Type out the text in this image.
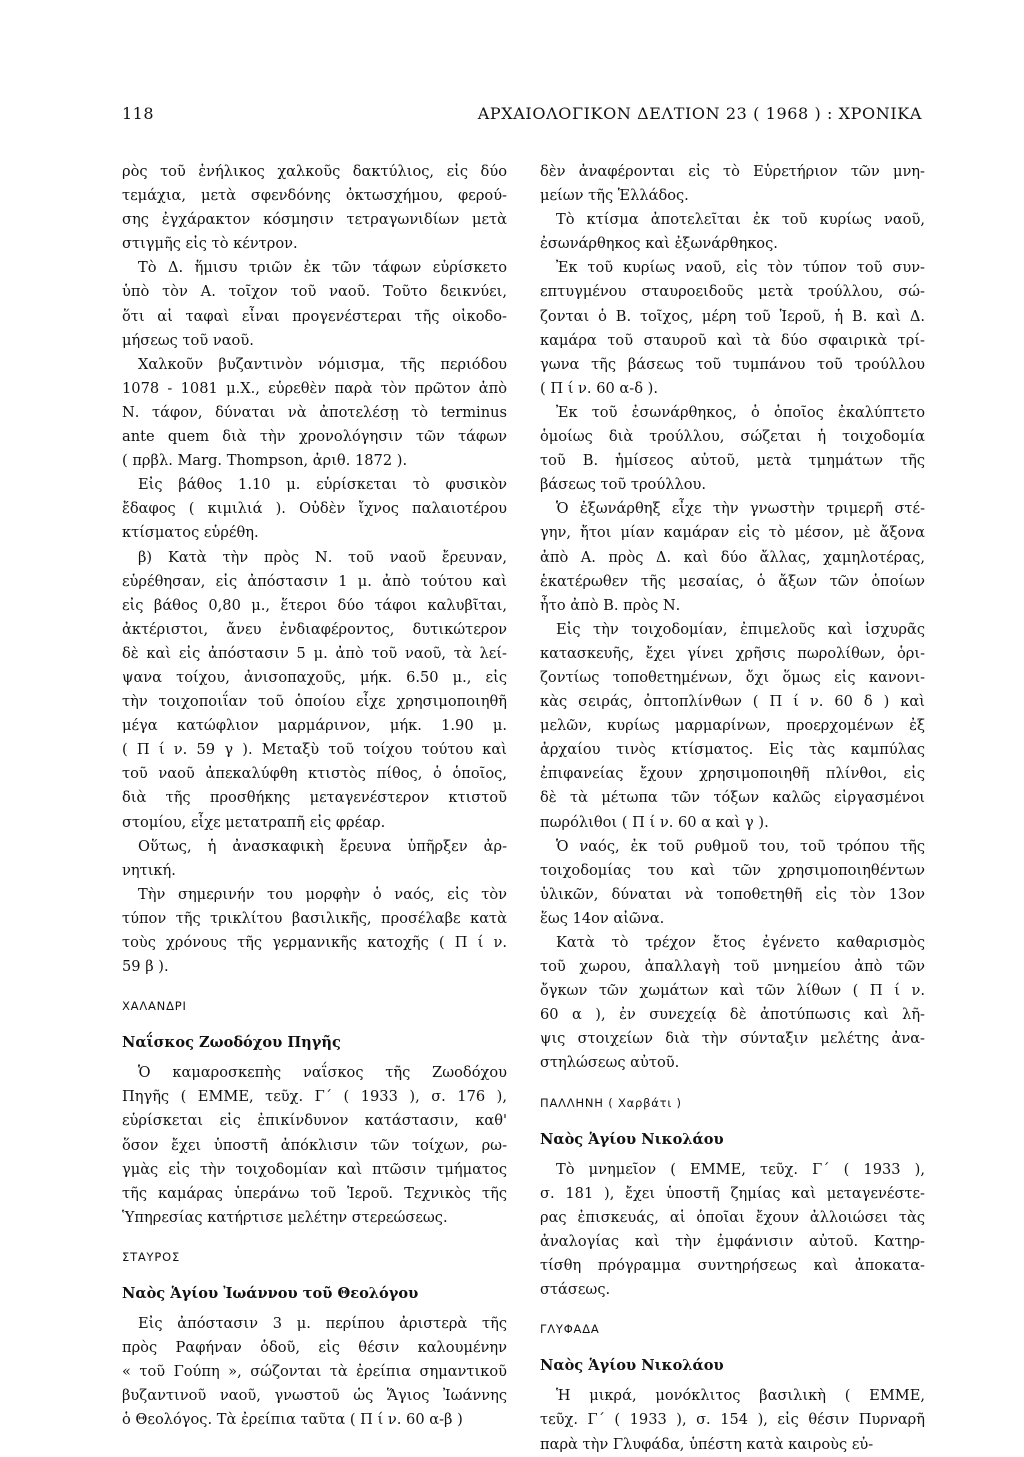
118	ΑΡΧΑΙΟΛΟΓΙΚΟΝ ΔΕΛΤΙΟΝ 23 ( 1968 ) : ΧΡΟΝΙΚΑ
ρὸς τοῦ ἐνήλικος χαλκοῦς δακτύλιος, εἰς δύο
τεμάχια, μετὰ σφενδόνης ὀκτωσχήμου, φερού-
σης ἐγχάρακτον κόσμησιν τετραγωνιδίων μετὰ
στιγμῆς εἰς τὸ κέντρον.
Τὸ Δ. ἥμισυ τριῶν ἐκ τῶν τάφων εὑρίσκετο
ὑπὸ τὸν Α. τοῖχον τοῦ ναοῦ. Τοῦτο δεικνύει,
ὅτι αἱ ταφαὶ εἶναι προγενέστεραι τῆς οἰκοδο-
μήσεως τοῦ ναοῦ.
Χαλκοῦν βυζαντινὸν νόμισμα, τῆς περιόδου
1078 - 1081 μ.Χ., εὑρεθὲν παρὰ τὸν πρῶτον ἀπὸ
Ν. τάφον, δύναται νὰ ἀποτελέσῃ τὸ terminus
ante quem διὰ τὴν χρονολόγησιν τῶν τάφων
( πρβλ. Marg. Thompson, ἀριθ. 1872 ).
Εἰς βάθος 1.10 μ. εὑρίσκεται τὸ φυσικὸν
ἔδαφος ( κιμιλιά ). Οὐδὲν ἴχνος παλαιοτέρου
κτίσματος εὑρέθη.
β) Κατὰ τὴν πρὸς Ν. τοῦ ναοῦ ἔρευναν,
εὑρέθησαν, εἰς ἀπόστασιν 1 μ. ἀπὸ τούτου καὶ
εἰς βάθος 0,80 μ., ἕτεροι δύο τάφοι καλυβῖται,
ἀκτέριστοι, ἄνευ ἐνδιαφέροντος, δυτικώτερον
δὲ καὶ εἰς ἀπόστασιν 5 μ. ἀπὸ τοῦ ναοῦ, τὰ λεί-
ψανα τοίχου, ἀνισοπαχοῦς, μήκ. 6.50 μ., εἰς
τὴν τοιχοποιΐαν τοῦ ὁποίου εἶχε χρησιμοποιηθῆ
μέγα κατώφλιον μαρμάρινον, μήκ. 1.90 μ.
( Π ί ν. 59 γ ). Μεταξὺ τοῦ τοίχου τούτου καὶ
τοῦ ναοῦ ἀπεκαλύφθη κτιστὸς πίθος, ὁ ὁποῖος,
διὰ τῆς προσθήκης μεταγενέστερον κτιστοῦ
στομίου, εἶχε μετατραπῆ εἰς φρέαρ.
Οὕτως, ἡ ἀνασκαφικὴ ἔρευνα ὑπῆρξεν ἀρ-
νητική.
Τὴν σημερινήν του μορφὴν ὁ ναός, εἰς τὸν
τύπον τῆς τρικλίτου βασιλικῆς, προσέλαβε κατὰ
τοὺς χρόνους τῆς γερμανικῆς κατοχῆς ( Π ί ν.
59 β ).
ΧΑΛΑΝΔΡΙ
Ναΐσκος Ζωοδόχου Πηγῆς
Ὁ καμαροσκεπὴς ναΐσκος τῆς Ζωοδόχου
Πηγῆς ( ΕΜΜΕ, τεῦχ. Γ΄ ( 1933 ), σ. 176 ),
εὑρίσκεται εἰς ἐπικίνδυνον κατάστασιν, καθ'
ὅσον ἔχει ὑποστῆ ἀπόκλισιν τῶν τοίχων, ρω-
γμὰς εἰς τὴν τοιχοδομίαν καὶ πτῶσιν τμήματος
τῆς καμάρας ὑπεράνω τοῦ Ἱεροῦ. Τεχνικὸς τῆς
Ὑπηρεσίας κατήρτισε μελέτην στερεώσεως.
ΣΤΑΥΡΟΣ
Ναὸς Ἁγίου Ἰωάννου τοῦ Θεολόγου
Εἰς ἀπόστασιν 3 μ. περίπου ἀριστερὰ τῆς
πρὸς Ραφήναν ὁδοῦ, εἰς θέσιν καλουμένην
« τοῦ Γούπη », σώζονται τὰ ἐρείπια σημαντικοῦ
βυζαντινοῦ ναοῦ, γνωστοῦ ὡς Ἅγιος Ἰωάννης
ὁ Θεολόγος. Τὰ ἐρείπια ταῦτα ( Π ί ν. 60 α-β )
δὲν ἀναφέρονται εἰς τὸ Εὑρετήριον τῶν μνη-
μείων τῆς Ἑλλάδος.
Τὸ κτίσμα ἀποτελεῖται ἐκ τοῦ κυρίως ναοῦ,
ἐσωνάρθηκος καὶ ἐξωνάρθηκος.
Ἐκ τοῦ κυρίως ναοῦ, εἰς τὸν τύπον τοῦ συν-
επτυγμένου σταυροειδοῦς μετὰ τρούλλου, σώ-
ζονται ὁ Β. τοῖχος, μέρη τοῦ Ἱεροῦ, ἡ Β. καὶ Δ.
καμάρα τοῦ σταυροῦ καὶ τὰ δύο σφαιρικὰ τρί-
γωνα τῆς βάσεως τοῦ τυμπάνου τοῦ τρούλλου
( Π ί ν. 60 α-δ ).
Ἐκ τοῦ ἐσωνάρθηκος, ὁ ὁποῖος ἐκαλύπτετο
ὁμοίως διὰ τρούλλου, σώζεται ἡ τοιχοδομία
τοῦ Β. ἡμίσεος αὐτοῦ, μετὰ τμημάτων τῆς
βάσεως τοῦ τρούλλου.
Ὁ ἐξωνάρθηξ εἶχε τὴν γνωστὴν τριμερῆ στέ-
γην, ἤτοι μίαν καμάραν εἰς τὸ μέσον, μὲ ἄξονα
ἀπὸ Α. πρὸς Δ. καὶ δύο ἄλλας, χαμηλοτέρας,
ἑκατέρωθεν τῆς μεσαίας, ὁ ἄξων τῶν ὁποίων
ἦτο ἀπὸ Β. πρὸς Ν.
Εἰς τὴν τοιχοδομίαν, ἐπιμελοῦς καὶ ἰσχυρᾶς
κατασκευῆς, ἔχει γίνει χρῆσις πωρολίθων, ὁρι-
ζοντίως τοποθετημένων, ὄχι ὅμως εἰς κανονι-
κὰς σειράς, ὀπτοπλίνθων ( Π ί ν. 60 δ ) καὶ
μελῶν, κυρίως μαρμαρίνων, προερχομένων ἐξ
ἀρχαίου τινὸς κτίσματος. Εἰς τὰς καμπύλας
ἐπιφανείας ἔχουν χρησιμοποιηθῆ πλίνθοι, εἰς
δὲ τὰ μέτωπα τῶν τόξων καλῶς εἰργασμένοι
πωρόλιθοι ( Π ί ν. 60 α καὶ γ ).
Ὁ ναός, ἐκ τοῦ ρυθμοῦ του, τοῦ τρόπου τῆς
τοιχοδομίας του καὶ τῶν χρησιμοποιηθέντων
ὑλικῶν, δύναται νὰ τοποθετηθῆ εἰς τὸν 13ον
ἕως 14ον αἰῶνα.
Κατὰ τὸ τρέχον ἔτος ἐγένετο καθαρισμὸς
τοῦ χωρου, ἀπαλλαγὴ τοῦ μνημείου ἀπὸ τῶν
ὄγκων τῶν χωμάτων καὶ τῶν λίθων ( Π ί ν.
60 α ), ἐν συνεχείᾳ δὲ ἀποτύπωσις καὶ λῆ-
ψις στοιχείων διὰ τὴν σύνταξιν μελέτης ἀνα-
στηλώσεως αὐτοῦ.
ΠΑΛΛΗΝΗ ( Χαρβάτι )
Ναὸς Ἁγίου Νικολάου
Τὸ μνημεῖον ( ΕΜΜΕ, τεῦχ. Γ΄ ( 1933 ),
σ. 181 ), ἔχει ὑποστῆ ζημίας καὶ μεταγενέστε-
ρας ἐπισκευάς, αἱ ὁποῖαι ἔχουν ἀλλοιώσει τὰς
ἀναλογίας καὶ τὴν ἐμφάνισιν αὐτοῦ. Κατηρ-
τίσθη πρόγραμμα συντηρήσεως καὶ ἀποκατα-
στάσεως.
ΓΛΥΦΑΔΑ
Ναὸς Ἁγίου Νικολάου
Ἡ μικρά, μονόκλιτος βασιλικὴ ( ΕΜΜΕ,
τεῦχ. Γ΄ ( 1933 ), σ. 154 ), εἰς θέσιν Πυρναρῆ
παρὰ τὴν Γλυφάδα, ὑπέστη κατὰ καιροὺς εὐ-
